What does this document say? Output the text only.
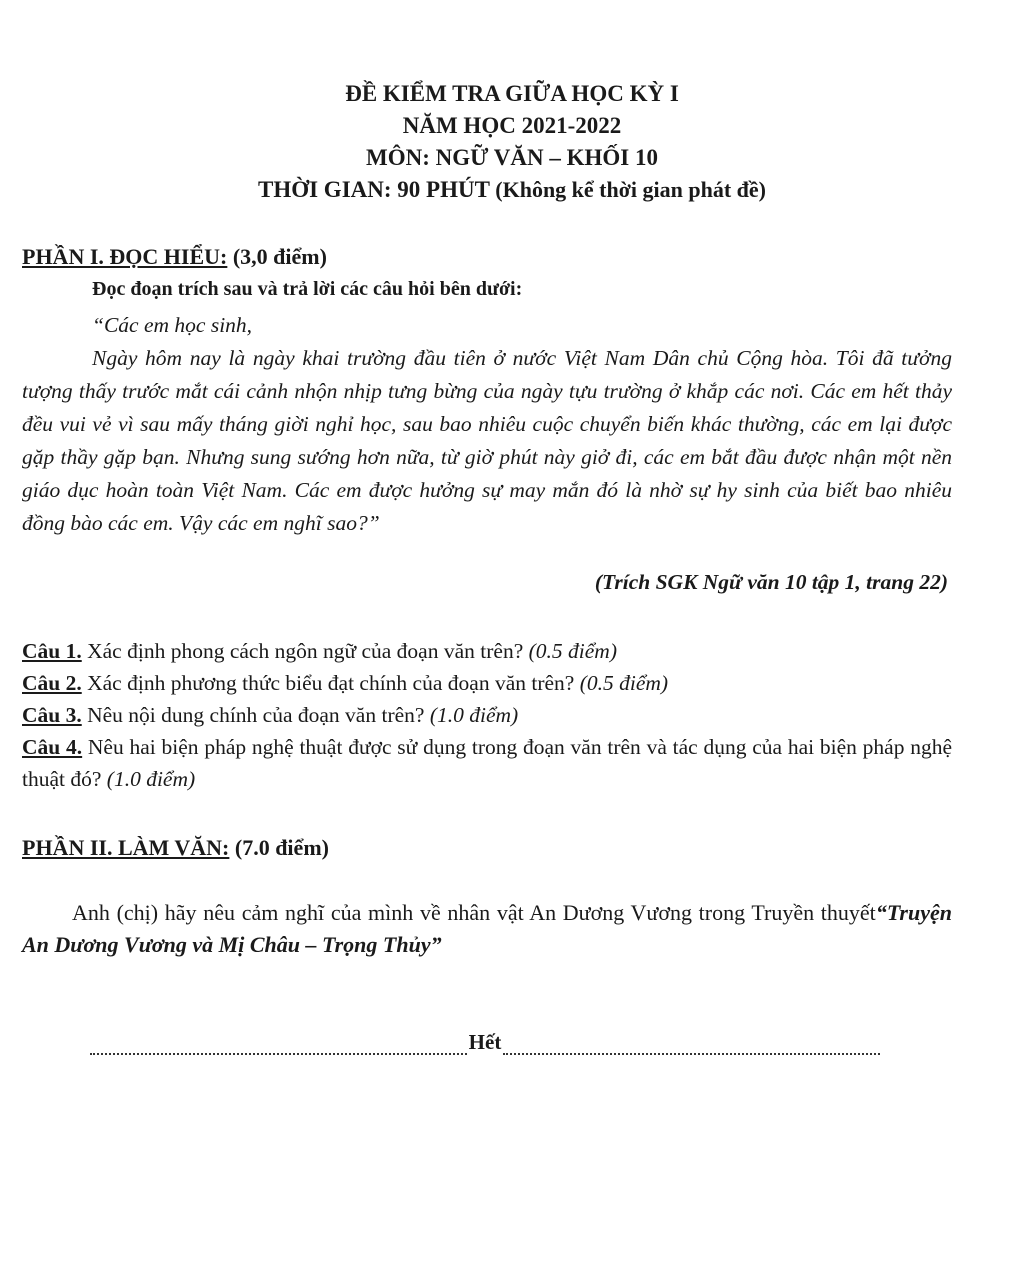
ĐỀ KIỂM TRA GIỮA HỌC KỲ I
NĂM HỌC 2021-2022
MÔN: NGỮ VĂN – KHỐI 10
THỜI GIAN: 90 PHÚT (Không kể thời gian phát đề)
PHẦN I. ĐỌC HIỂU: (3,0 điểm)
Đọc đoạn trích sau và trả lời các câu hỏi bên dưới:

“Các em học sinh,

Ngày hôm nay là ngày khai trường đầu tiên ở nước Việt Nam Dân chủ Cộng hòa. Tôi đã tưởng tượng thấy trước mắt cái cảnh nhộn nhịp tưng bừng của ngày tựu trường ở khắp các nơi. Các em hết thảy đều vui vẻ vì sau mấy tháng giời nghỉ học, sau bao nhiêu cuộc chuyển biến khác thường, các em lại được gặp thầy gặp bạn. Nhưng sung sướng hơn nữa, từ giờ phút này giở đi, các em bắt đầu được nhận một nền giáo dục hoàn toàn Việt Nam. Các em được hưởng sự may mắn đó là nhờ sự hy sinh của biết bao nhiêu đồng bào các em. Vậy các em nghĩ sao?”

(Trích SGK Ngữ văn 10 tập 1, trang 22)

Câu 1. Xác định phong cách ngôn ngữ của đoạn văn trên? (0.5 điểm)

Câu 2. Xác định phương thức biểu đạt chính của đoạn văn trên? (0.5 điểm)

Câu 3. Nêu nội dung chính của đoạn văn trên? (1.0 điểm)

Câu 4. Nêu hai biện pháp nghệ thuật được sử dụng trong đoạn văn trên và tác dụng của hai biện pháp nghệ thuật đó? (1.0 điểm)

PHẦN II. LÀM VĂN: (7.0 điểm)
Anh (chị) hãy nêu cảm nghĩ của mình về nhân vật An Dương Vương trong Truyền thuyết“Truyện An Dương Vương và Mị Châu – Trọng Thủy”
Hết
